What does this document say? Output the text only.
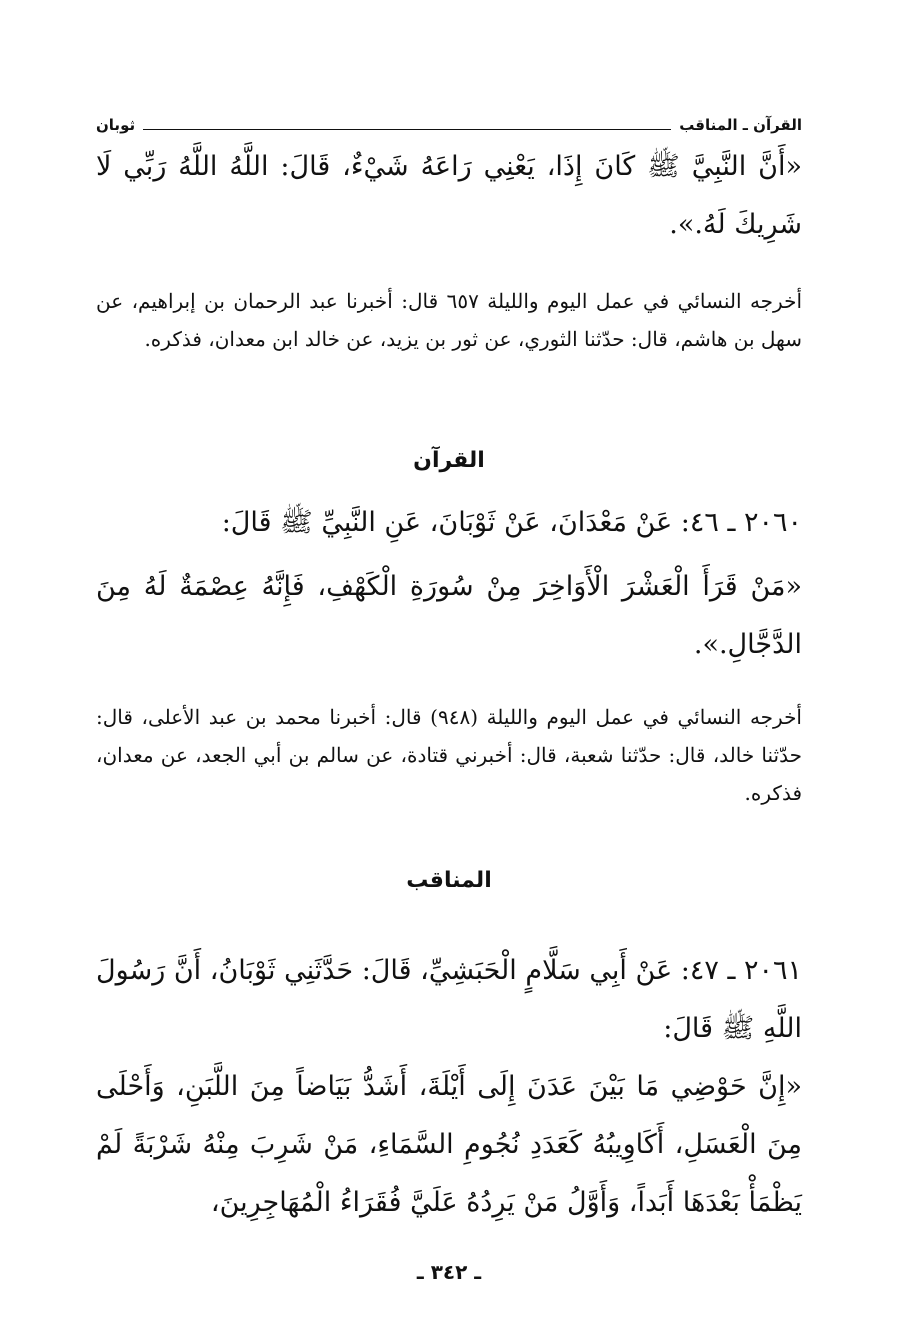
القرآن ـ المناقب
ثوبان

«أَنَّ النَّبِيَّ ﷺ كَانَ إِذَا، يَعْنِي رَاعَهُ شَيْءٌ، قَالَ: اللَّهُ اللَّهُ رَبِّي لَا شَرِيكَ لَهُ.».

أخرجه النسائي في عمل اليوم والليلة ٦٥٧ قال: أخبرنا عبد الرحمان بن إبراهيم، عن سهل بن هاشم، قال: حدّثنا الثوري، عن ثور بن يزيد، عن خالد ابن معدان، فذكره.

القرآن

٢٠٦٠ ـ ٤٦: عَنْ مَعْدَانَ، عَنْ ثَوْبَانَ، عَنِ النَّبِيِّ ﷺ قَالَ:

«مَنْ قَرَأَ الْعَشْرَ الْأَوَاخِرَ مِنْ سُورَةِ الْكَهْفِ، فَإِنَّهُ عِصْمَةٌ لَهُ مِنَ الدَّجَّالِ.».

أخرجه النسائي في عمل اليوم والليلة (٩٤٨) قال: أخبرنا محمد بن عبد الأعلى، قال: حدّثنا خالد، قال: حدّثنا شعبة، قال: أخبرني قتادة، عن سالم بن أبي الجعد، عن معدان، فذكره.

المناقب

٢٠٦١ ـ ٤٧: عَنْ أَبِي سَلَّامٍ الْحَبَشِيِّ، قَالَ: حَدَّثَنِي ثَوْبَانُ، أَنَّ رَسُولَ اللَّهِ ﷺ قَالَ:

«إِنَّ حَوْضِي مَا بَيْنَ عَدَنَ إِلَى أَيْلَةَ، أَشَدُّ بَيَاضاً مِنَ اللَّبَنِ، وَأَحْلَى مِنَ الْعَسَلِ، أَكَاوِيبُهُ كَعَدَدِ نُجُومِ السَّمَاءِ، مَنْ شَرِبَ مِنْهُ شَرْبَةً لَمْ يَظْمَأْ بَعْدَهَا أَبَداً، وَأَوَّلُ مَنْ يَرِدُهُ عَلَيَّ فُقَرَاءُ الْمُهَاجِرِينَ،

ـ ٣٤٢ ـ
